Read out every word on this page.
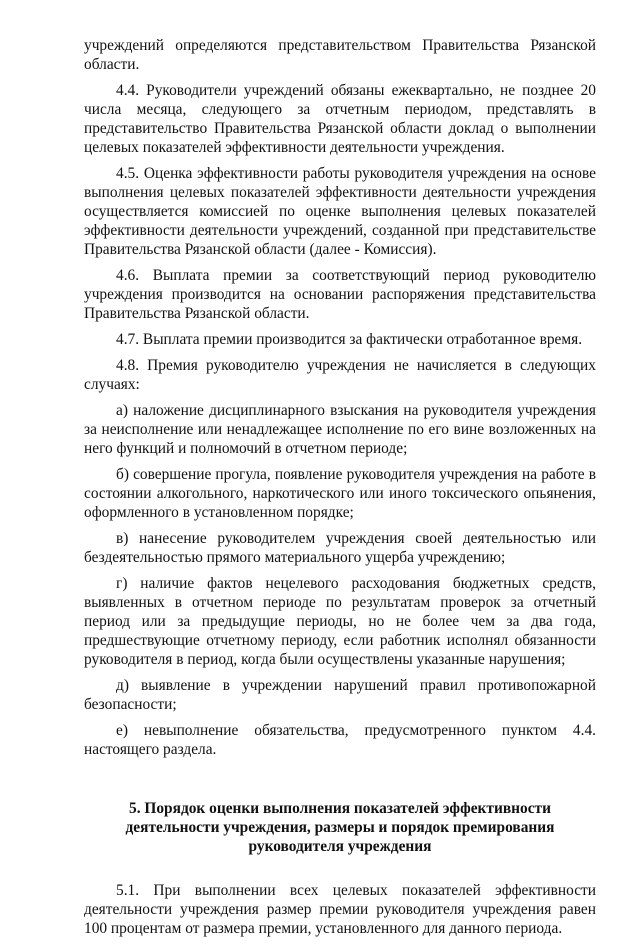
учреждений определяются представительством Правительства Рязанской области.

4.4. Руководители учреждений обязаны ежеквартально, не позднее 20 числа месяца, следующего за отчетным периодом, представлять в представительство Правительства Рязанской области доклад о выполнении целевых показателей эффективности деятельности учреждения.

4.5. Оценка эффективности работы руководителя учреждения на основе выполнения целевых показателей эффективности деятельности учреждения осуществляется комиссией по оценке выполнения целевых показателей эффективности деятельности учреждений, созданной при представительстве Правительства Рязанской области (далее - Комиссия).

4.6. Выплата премии за соответствующий период руководителю учреждения производится на основании распоряжения представительства Правительства Рязанской области.

4.7. Выплата премии производится за фактически отработанное время.

4.8. Премия руководителю учреждения не начисляется в следующих случаях:

а) наложение дисциплинарного взыскания на руководителя учреждения за неисполнение или ненадлежащее исполнение по его вине возложенных на него функций и полномочий в отчетном периоде;

б) совершение прогула, появление руководителя учреждения на работе в состоянии алкогольного, наркотического или иного токсического опьянения, оформленного в установленном порядке;

в) нанесение руководителем учреждения своей деятельностью или бездеятельностью прямого материального ущерба учреждению;

г) наличие фактов нецелевого расходования бюджетных средств, выявленных в отчетном периоде по результатам проверок за отчетный период или за предыдущие периоды, но не более чем за два года, предшествующие отчетному периоду, если работник исполнял обязанности руководителя в период, когда были осуществлены указанные нарушения;

д) выявление в учреждении нарушений правил противопожарной безопасности;

е) невыполнение обязательства, предусмотренного пунктом 4.4. настоящего раздела.

5. Порядок оценки выполнения показателей эффективности
деятельности учреждения, размеры и порядок премирования
руководителя учреждения

5.1. При выполнении всех целевых показателей эффективности деятельности учреждения размер премии руководителя учреждения равен 100 процентам от размера премии, установленного для данного периода.
